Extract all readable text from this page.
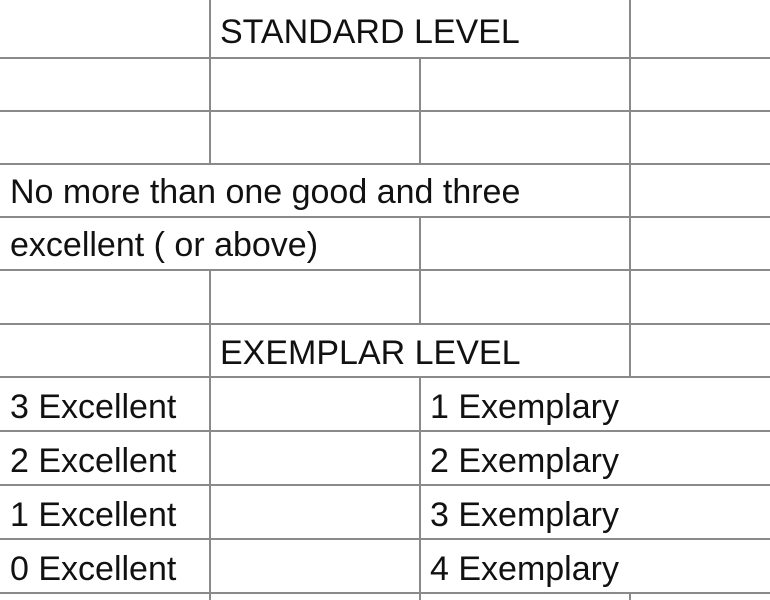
STANDARD LEVEL
No more than one good and three
excellent ( or above)
EXEMPLAR LEVEL
3 Excellent	1 Exemplary
2 Excellent	2 Exemplary
1 Excellent	3 Exemplary
0 Excellent	4 Exemplary
